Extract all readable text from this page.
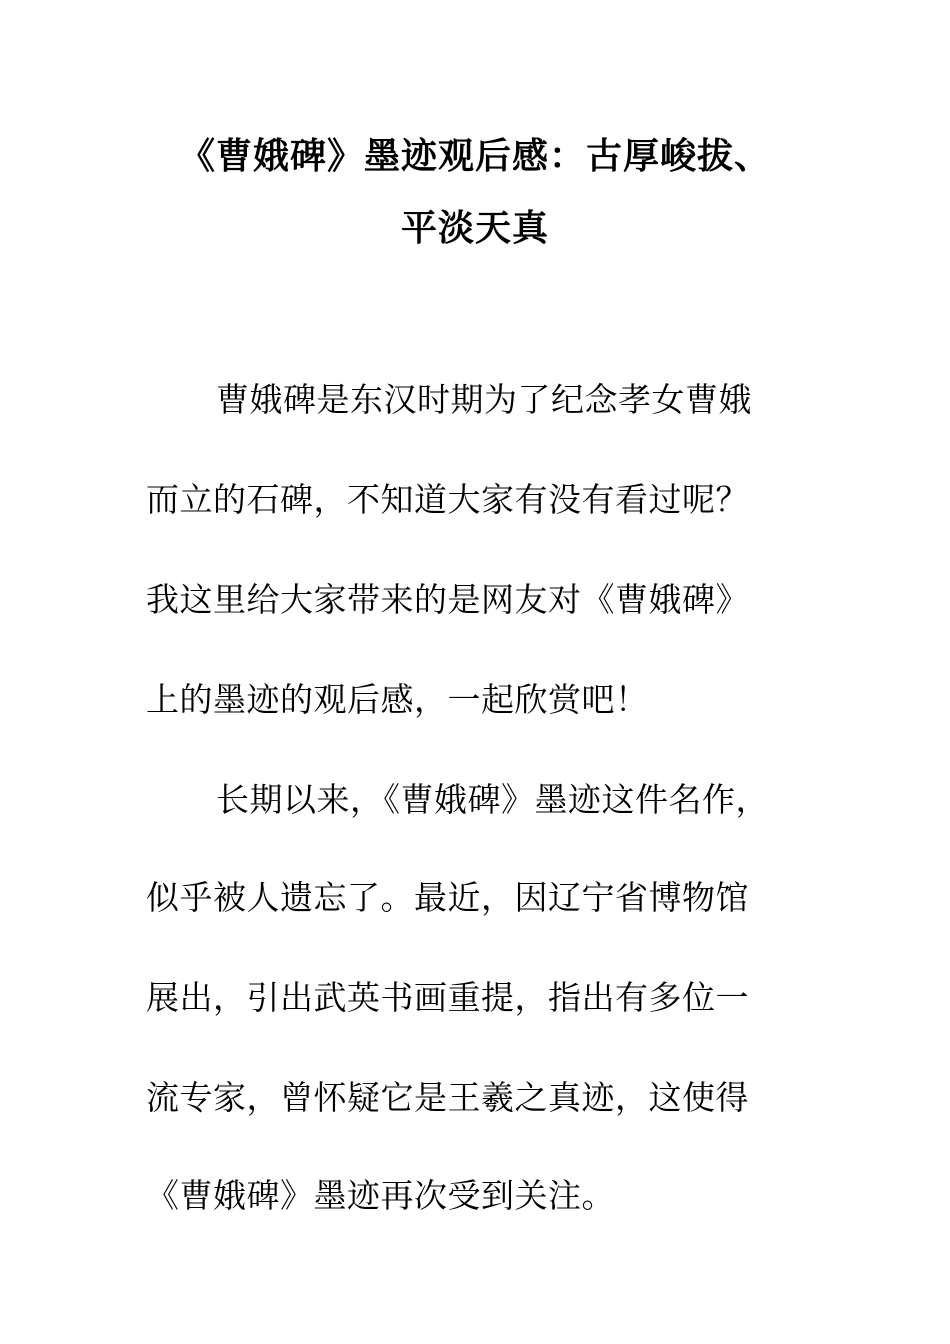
《曹娥碑》墨迹观后感：古厚峻拔、
平淡天真
曹娥碑是东汉时期为了纪念孝女曹娥
而立的石碑，不知道大家有没有看过呢？
我这里给大家带来的是网友对《曹娥碑》
上的墨迹的观后感，一起欣赏吧！
长期以来，《曹娥碑》墨迹这件名作，
似乎被人遗忘了。最近，因辽宁省博物馆
展出，引出武英书画重提，指出有多位一
流专家，曾怀疑它是王羲之真迹，这使得
《曹娥碑》墨迹再次受到关注。
